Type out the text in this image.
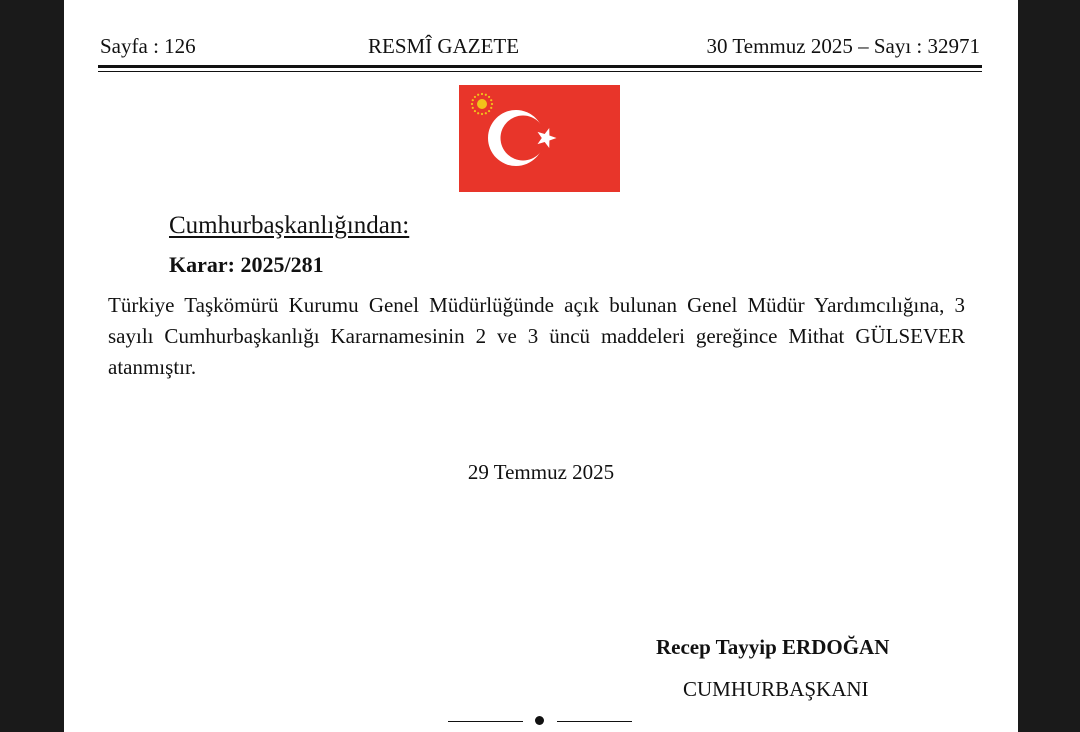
Sayfa : 126	RESMÎ GAZETE	30 Temmuz 2025 – Sayı : 32971
Cumhurbaşkanlığından:
Karar: 2025/281
Türkiye Taşkömürü Kurumu Genel Müdürlüğünde açık bulunan Genel Müdür Yardımcılığına, 3 sayılı Cumhurbaşkanlığı Kararnamesinin 2 ve 3 üncü maddeleri gereğince Mithat GÜLSEVER atanmıştır.
29 Temmuz 2025
Recep Tayyip ERDOĞAN
CUMHURBAŞKANI
